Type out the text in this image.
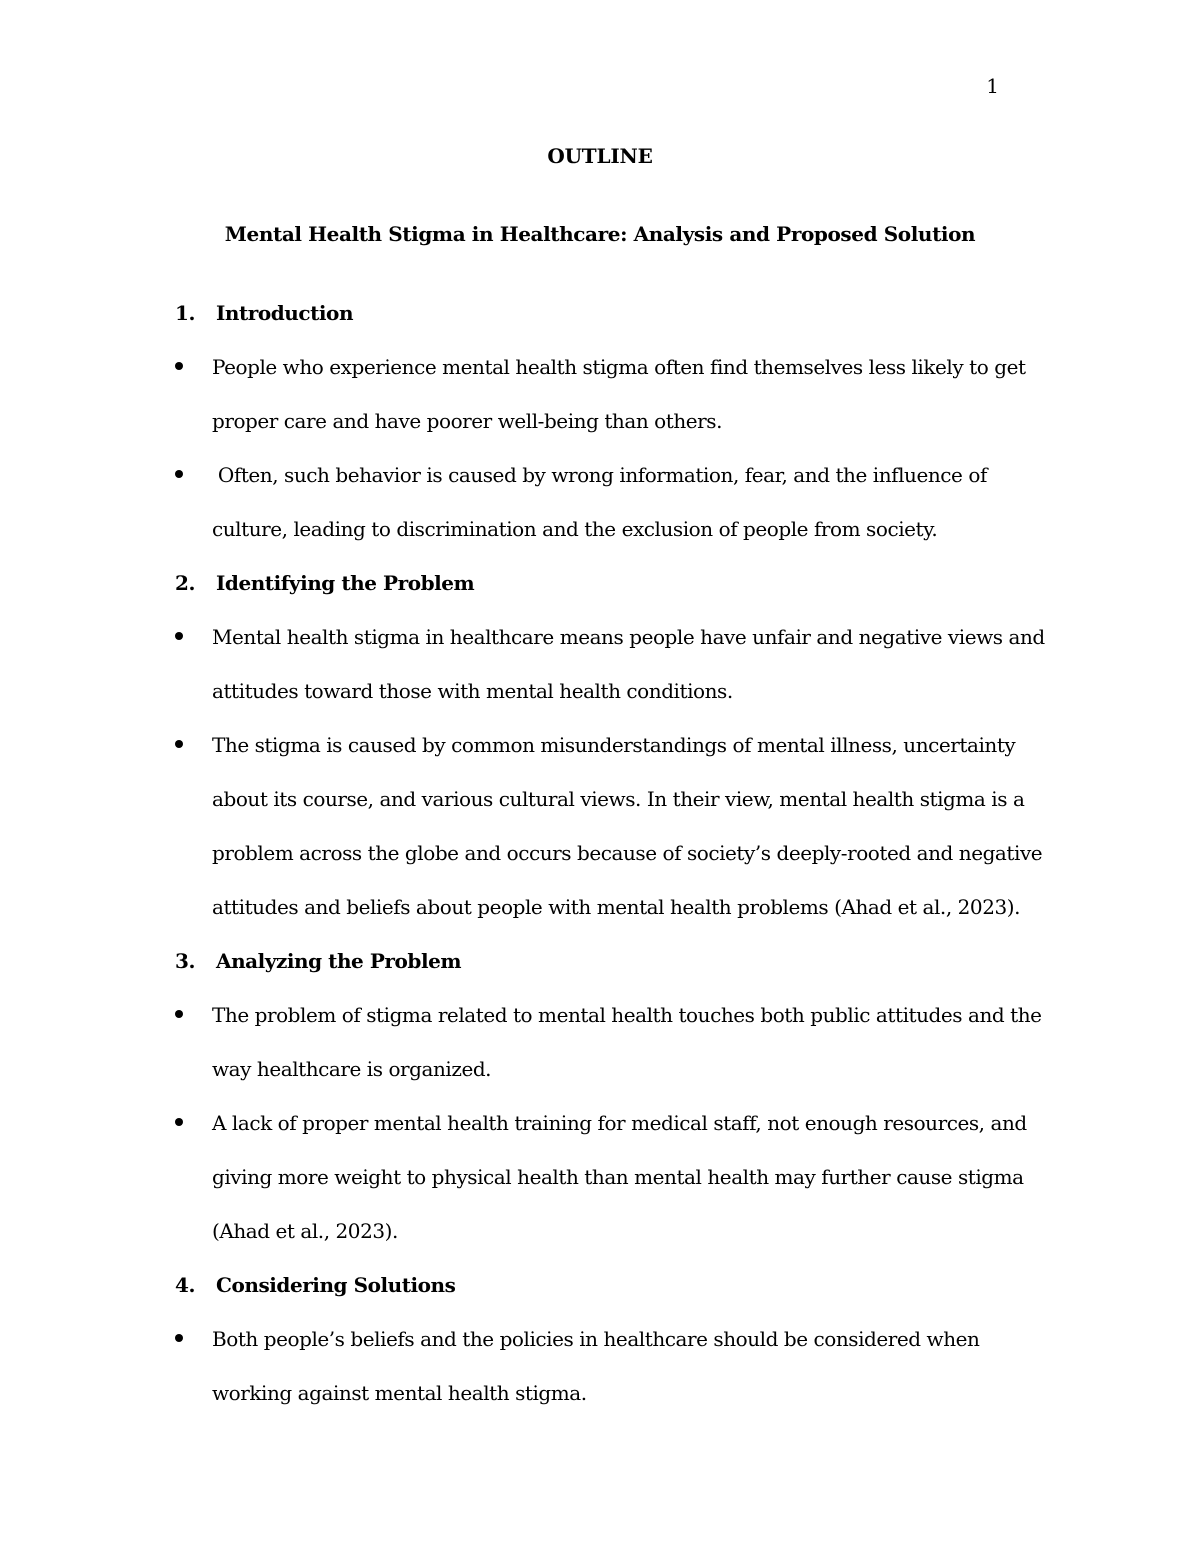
1
OUTLINE
Mental Health Stigma in Healthcare: Analysis and Proposed Solution
1.	Introduction
People who experience mental health stigma often find themselves less likely to get proper care and have poorer well-being than others.
Often, such behavior is caused by wrong information, fear, and the influence of culture, leading to discrimination and the exclusion of people from society.
2.	Identifying the Problem
Mental health stigma in healthcare means people have unfair and negative views and attitudes toward those with mental health conditions.
The stigma is caused by common misunderstandings of mental illness, uncertainty about its course, and various cultural views. In their view, mental health stigma is a problem across the globe and occurs because of society’s deeply-rooted and negative attitudes and beliefs about people with mental health problems (Ahad et al., 2023).
3.	Analyzing the Problem
The problem of stigma related to mental health touches both public attitudes and the way healthcare is organized.
A lack of proper mental health training for medical staff, not enough resources, and giving more weight to physical health than mental health may further cause stigma (Ahad et al., 2023).
4.	Considering Solutions
Both people’s beliefs and the policies in healthcare should be considered when working against mental health stigma.
